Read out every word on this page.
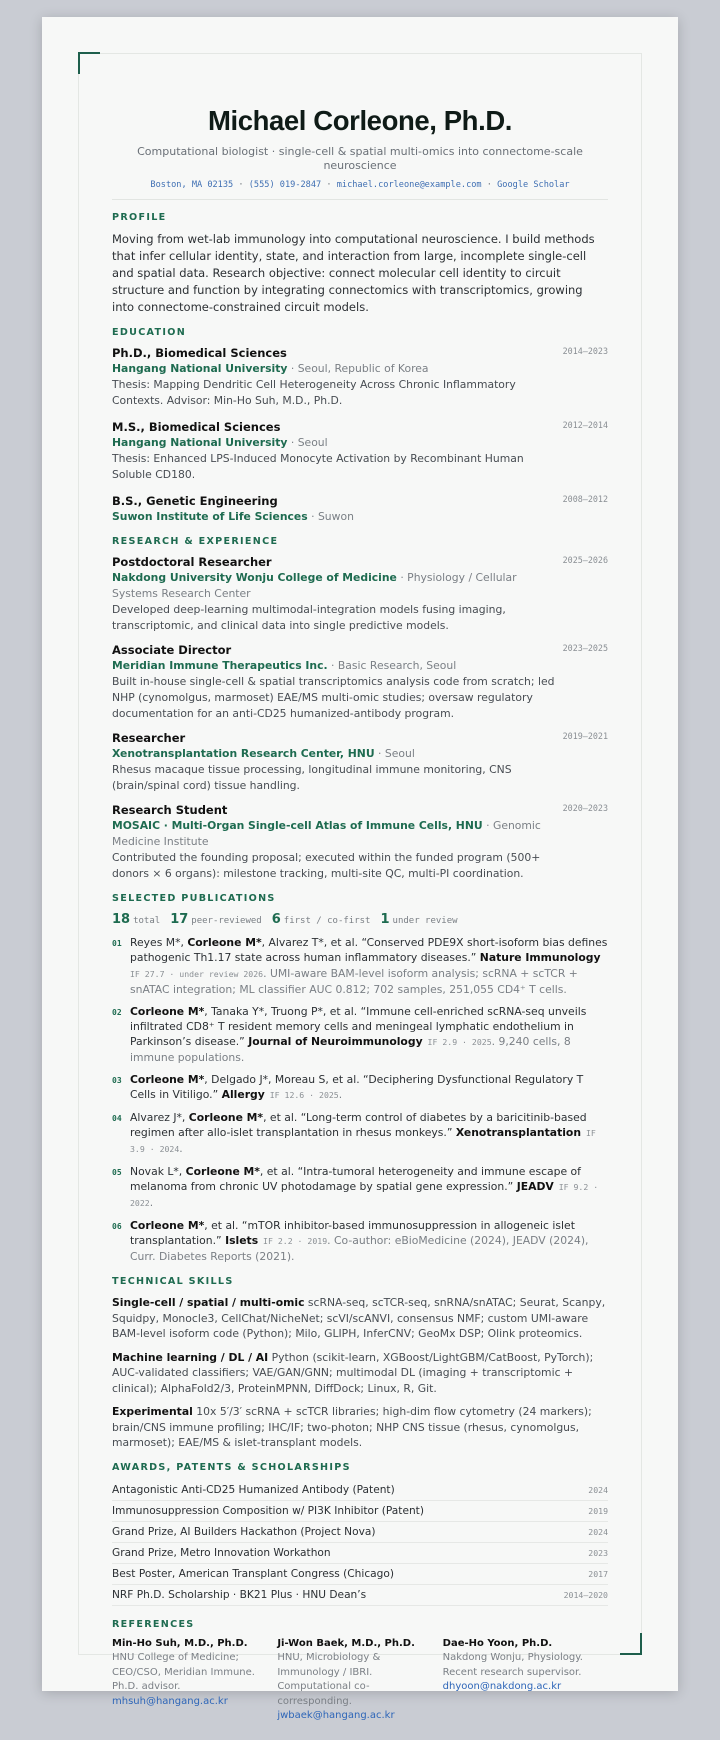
Michael Corleone, Ph.D.
Computational biologist · single-cell & spatial multi-omics into connectome-scale neuroscience
Boston, MA 02135 · (555) 019-2847 · michael.corleone@example.com · Google Scholar
PROFILE
Moving from wet-lab immunology into computational neuroscience. I build methods that infer cellular identity, state, and interaction from large, incomplete single-cell and spatial data. Research objective: connect molecular cell identity to circuit structure and function by integrating connectomics with transcriptomics, growing into connectome-constrained circuit models.
EDUCATION
2014–2023
Ph.D., Biomedical Sciences
Hangang National University · Seoul, Republic of Korea
Thesis: Mapping Dendritic Cell Heterogeneity Across Chronic Inflammatory Contexts. Advisor: Min-Ho Suh, M.D., Ph.D.
2012–2014
M.S., Biomedical Sciences
Hangang National University · Seoul
Thesis: Enhanced LPS-Induced Monocyte Activation by Recombinant Human Soluble CD180.
2008–2012
B.S., Genetic Engineering
Suwon Institute of Life Sciences · Suwon
RESEARCH & EXPERIENCE
2025–2026
Postdoctoral Researcher
Nakdong University Wonju College of Medicine · Physiology / Cellular Systems Research Center
Developed deep-learning multimodal-integration models fusing imaging, transcriptomic, and clinical data into single predictive models.
2023–2025
Associate Director
Meridian Immune Therapeutics Inc. · Basic Research, Seoul
Built in-house single-cell & spatial transcriptomics analysis code from scratch; led NHP (cynomolgus, marmoset) EAE/MS multi-omic studies; oversaw regulatory documentation for an anti-CD25 humanized-antibody program.
2019–2021
Researcher
Xenotransplantation Research Center, HNU · Seoul
Rhesus macaque tissue processing, longitudinal immune monitoring, CNS (brain/spinal cord) tissue handling.
2020–2023
Research Student
MOSAIC · Multi-Organ Single-cell Atlas of Immune Cells, HNU · Genomic Medicine Institute
Contributed the founding proposal; executed within the funded program (500+ donors × 6 organs): milestone tracking, multi-site QC, multi-PI coordination.
SELECTED PUBLICATIONS
18 total 17 peer-reviewed 6 first / co-first 1 under review
01 Reyes M*, Corleone M*, Alvarez T*, et al. “Conserved PDE9X short-isoform bias defines pathogenic Th1.17 state across human inflammatory diseases.” Nature Immunology IF 27.7 · under review 2026. UMI-aware BAM-level isoform analysis; scRNA + scTCR + snATAC integration; ML classifier AUC 0.812; 702 samples, 251,055 CD4⁺ T cells.
02 Corleone M*, Tanaka Y*, Truong P*, et al. “Immune cell-enriched scRNA-seq unveils infiltrated CD8⁺ T resident memory cells and meningeal lymphatic endothelium in Parkinson’s disease.” Journal of Neuroimmunology IF 2.9 · 2025. 9,240 cells, 8 immune populations.
03 Corleone M*, Delgado J*, Moreau S, et al. “Deciphering Dysfunctional Regulatory T Cells in Vitiligo.” Allergy IF 12.6 · 2025.
04 Alvarez J*, Corleone M*, et al. “Long-term control of diabetes by a baricitinib-based regimen after allo-islet transplantation in rhesus monkeys.” Xenotransplantation IF 3.9 · 2024.
05 Novak L*, Corleone M*, et al. “Intra-tumoral heterogeneity and immune escape of melanoma from chronic UV photodamage by spatial gene expression.” JEADV IF 9.2 · 2022.
06 Corleone M*, et al. “mTOR inhibitor-based immunosuppression in allogeneic islet transplantation.” Islets IF 2.2 · 2019. Co-author: eBioMedicine (2024), JEADV (2024), Curr. Diabetes Reports (2021).
TECHNICAL SKILLS
Single-cell / spatial / multi-omic scRNA-seq, scTCR-seq, snRNA/snATAC; Seurat, Scanpy, Squidpy, Monocle3, CellChat/NicheNet; scVI/scANVI, consensus NMF; custom UMI-aware BAM-level isoform code (Python); Milo, GLIPH, InferCNV; GeoMx DSP; Olink proteomics.
Machine learning / DL / AI Python (scikit-learn, XGBoost/LightGBM/CatBoost, PyTorch); AUC-validated classifiers; VAE/GAN/GNN; multimodal DL (imaging + transcriptomic + clinical); AlphaFold2/3, ProteinMPNN, DiffDock; Linux, R, Git.
Experimental 10x 5′/3′ scRNA + scTCR libraries; high-dim flow cytometry (24 markers); brain/CNS immune profiling; IHC/IF; two-photon; NHP CNS tissue (rhesus, cynomolgus, marmoset); EAE/MS & islet-transplant models.
AWARDS, PATENTS & SCHOLARSHIPS
Antagonistic Anti-CD25 Humanized Antibody (Patent)	2024
Immunosuppression Composition w/ PI3K Inhibitor (Patent)	2019
Grand Prize, AI Builders Hackathon (Project Nova)	2024
Grand Prize, Metro Innovation Workathon	2023
Best Poster, American Transplant Congress (Chicago)	2017
NRF Ph.D. Scholarship · BK21 Plus · HNU Dean’s	2014–2020
REFERENCES
Min-Ho Suh, M.D., Ph.D.
HNU College of Medicine; CEO/CSO, Meridian Immune. Ph.D. advisor.
mhsuh@hangang.ac.kr
Ji-Won Baek, M.D., Ph.D.
HNU, Microbiology & Immunology / IBRI. Computational co-corresponding.
jwbaek@hangang.ac.kr
Dae-Ho Yoon, Ph.D.
Nakdong Wonju, Physiology. Recent research supervisor.
dhyoon@nakdong.ac.kr
